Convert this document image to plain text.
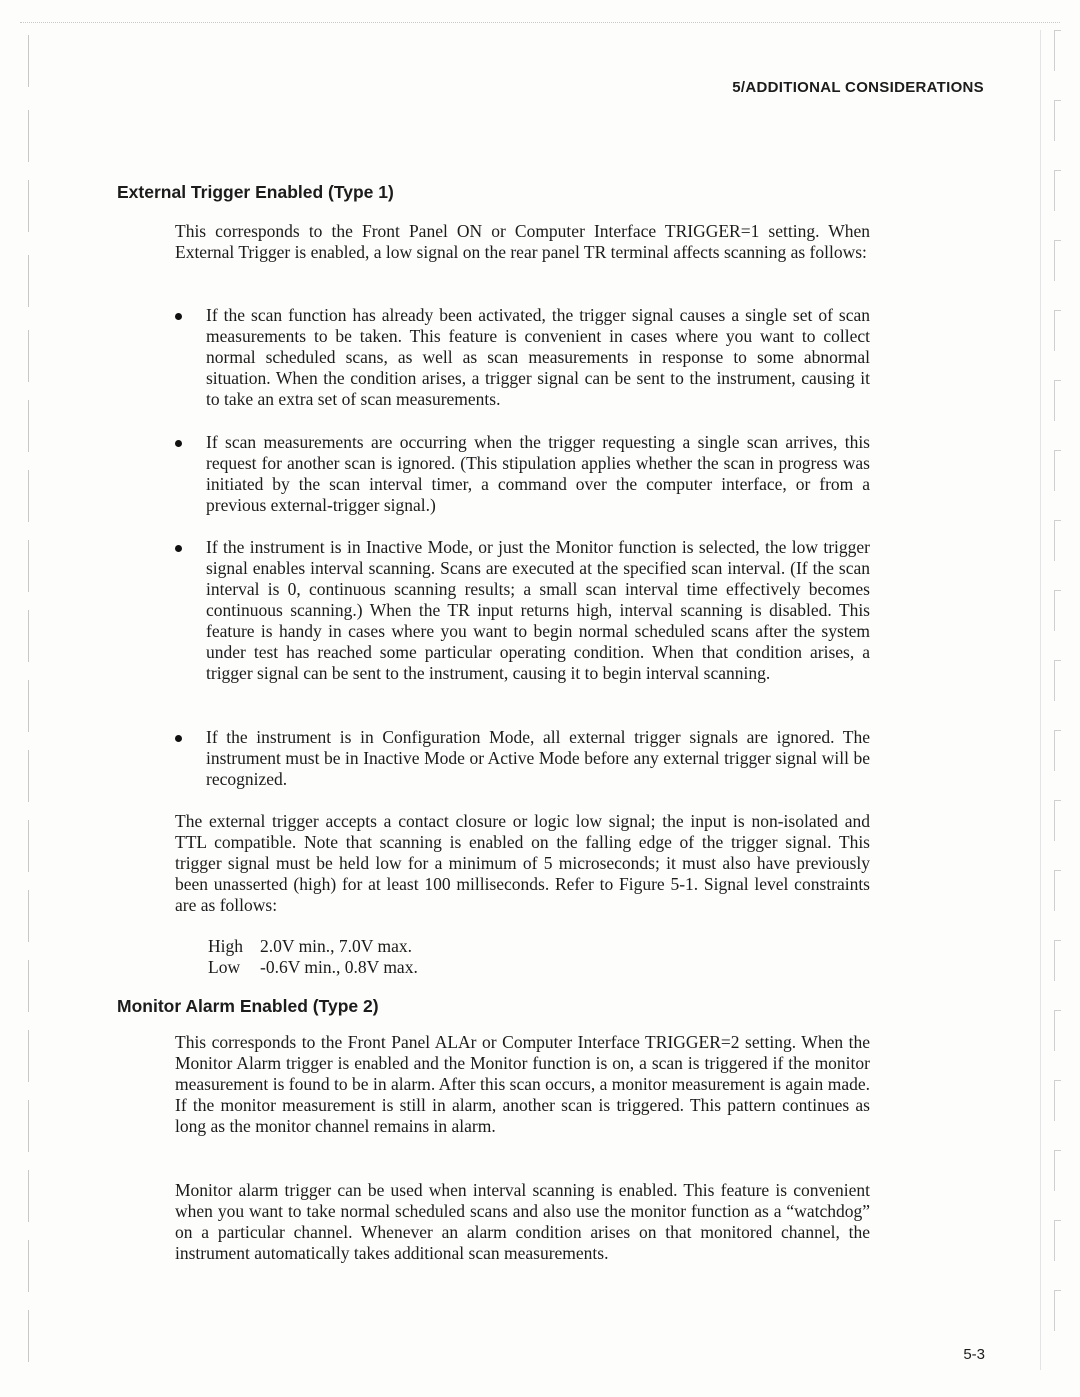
5/ADDITIONAL CONSIDERATIONS
External Trigger Enabled (Type 1)

This corresponds to the Front Panel ON or Computer Interface TRIGGER=1 setting. When External Trigger is enabled, a low signal on the rear panel TR terminal affects scanning as follows:

If the scan function has already been activated, the trigger signal causes a single set of scan measurements to be taken. This feature is convenient in cases where you want to collect normal scheduled scans, as well as scan measurements in response to some abnormal situation. When the condition arises, a trigger signal can be sent to the instrument, causing it to take an extra set of scan measurements.
If scan measurements are occurring when the trigger requesting a single scan arrives, this request for another scan is ignored. (This stipulation applies whether the scan in progress was initiated by the scan interval timer, a command over the computer interface, or from a previous external-trigger signal.)
If the instrument is in Inactive Mode, or just the Monitor function is selected, the low trigger signal enables interval scanning. Scans are executed at the specified scan interval. (If the scan interval is 0, continuous scanning results; a small scan interval time effectively becomes continuous scanning.) When the TR input returns high, interval scanning is disabled. This feature is handy in cases where you want to begin normal scheduled scans after the system under test has reached some particular operating condition. When that condition arises, a trigger signal can be sent to the instrument, causing it to begin interval scanning.
If the instrument is in Configuration Mode, all external trigger signals are ignored. The instrument must be in Inactive Mode or Active Mode before any external trigger signal will be recognized.

The external trigger accepts a contact closure or logic low signal; the input is non-isolated and TTL compatible. Note that scanning is enabled on the falling edge of the trigger signal. This trigger signal must be held low for a minimum of 5 microseconds; it must also have previously been unasserted (high) for at least 100 milliseconds. Refer to Figure 5-1. Signal level constraints are as follows:

High 2.0V min., 7.0V max.
Low -0.6V min., 0.8V max.
Monitor Alarm Enabled (Type 2)

This corresponds to the Front Panel ALAr or Computer Interface TRIGGER=2 setting. When the Monitor Alarm trigger is enabled and the Monitor function is on, a scan is triggered if the monitor measurement is found to be in alarm. After this scan occurs, a monitor measurement is again made. If the monitor measurement is still in alarm, another scan is triggered. This pattern continues as long as the monitor channel remains in alarm.

Monitor alarm trigger can be used when interval scanning is enabled. This feature is convenient when you want to take normal scheduled scans and also use the monitor function as a “watchdog” on a particular channel. Whenever an alarm condition arises on that monitored channel, the instrument automatically takes additional scan measurements.

5-3
